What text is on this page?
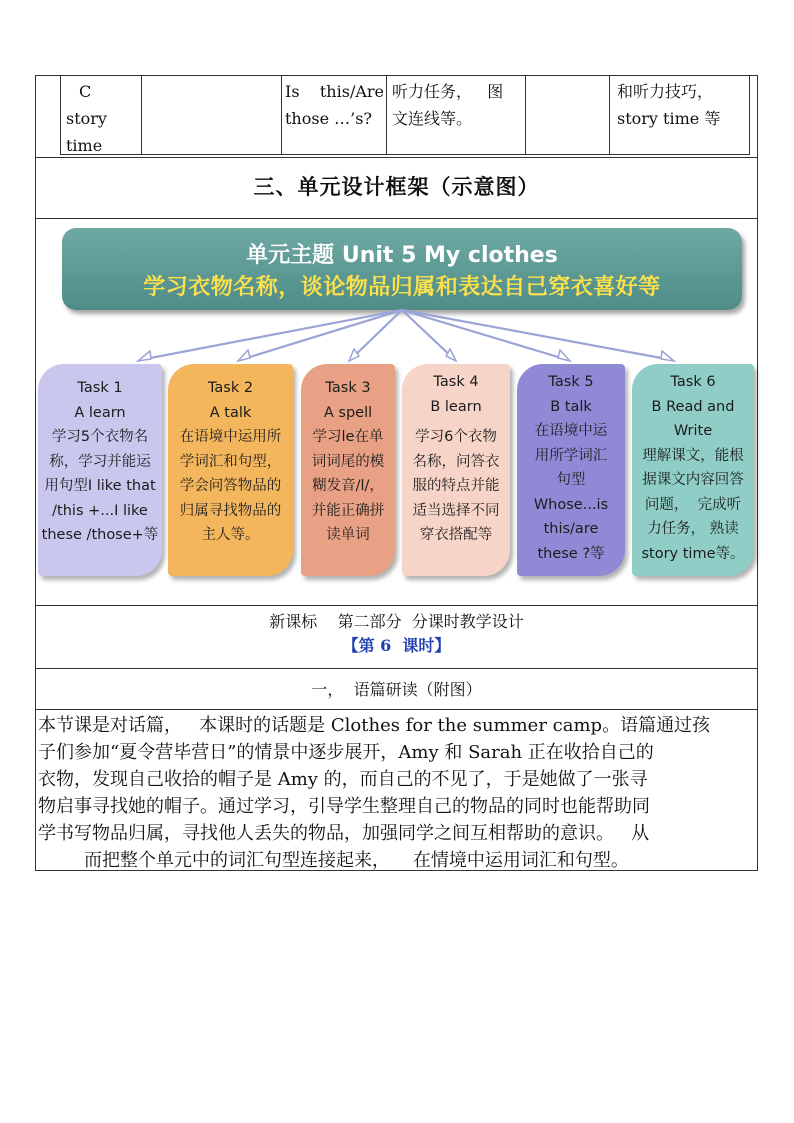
C
story
time
Is    this/Are
those …’s?
听力任务，   图
文连线等。
和听力技巧，
story time 等
三、单元设计框架（示意图）
单元主题 Unit 5 My clothes
学习衣物名称，谈论物品归属和表达自己穿衣喜好等
Task 1
A learn
学习5个衣物名
称，学习并能运
用句型I like that
/this +...I like
these /those+等
Task 2
A talk
在语境中运用所
学词汇和句型，
学会问答物品的
归属寻找物品的
主人等。
Task 3
A spell
学习le在单
词词尾的模
糊发音/l/，
并能正确拼
读单词
Task 4
B learn
学习6个衣物
名称，问答衣
服的特点并能
适当选择不同
穿衣搭配等
Task 5
B talk
在语境中运
用所学词汇
句型
Whose...is
this/are
these ?等
Task 6
B Read and
Write
理解课文，能根
据课文内容回答
问题，  完成听
力任务， 熟读
story time等。
新课标    第二部分  分课时教学设计
【第 6  课时】
一，  语篇研读（附图）
本节课是对话篇，   本课时的话题是 Clothes for the summer camp。语篇通过孩
子们参加“夏令营毕营日”的情景中逐步展开，Amy 和 Sarah 正在收拾自己的
衣物，发现自己收拾的帽子是 Amy 的，而自己的不见了，于是她做了一张寻
物启事寻找她的帽子。通过学习，引导学生整理自己的物品的同时也能帮助同
学书写物品归属，寻找他人丢失的物品，加强同学之间互相帮助的意识。   从
而把整个单元中的词汇句型连接起来，    在情境中运用词汇和句型。
